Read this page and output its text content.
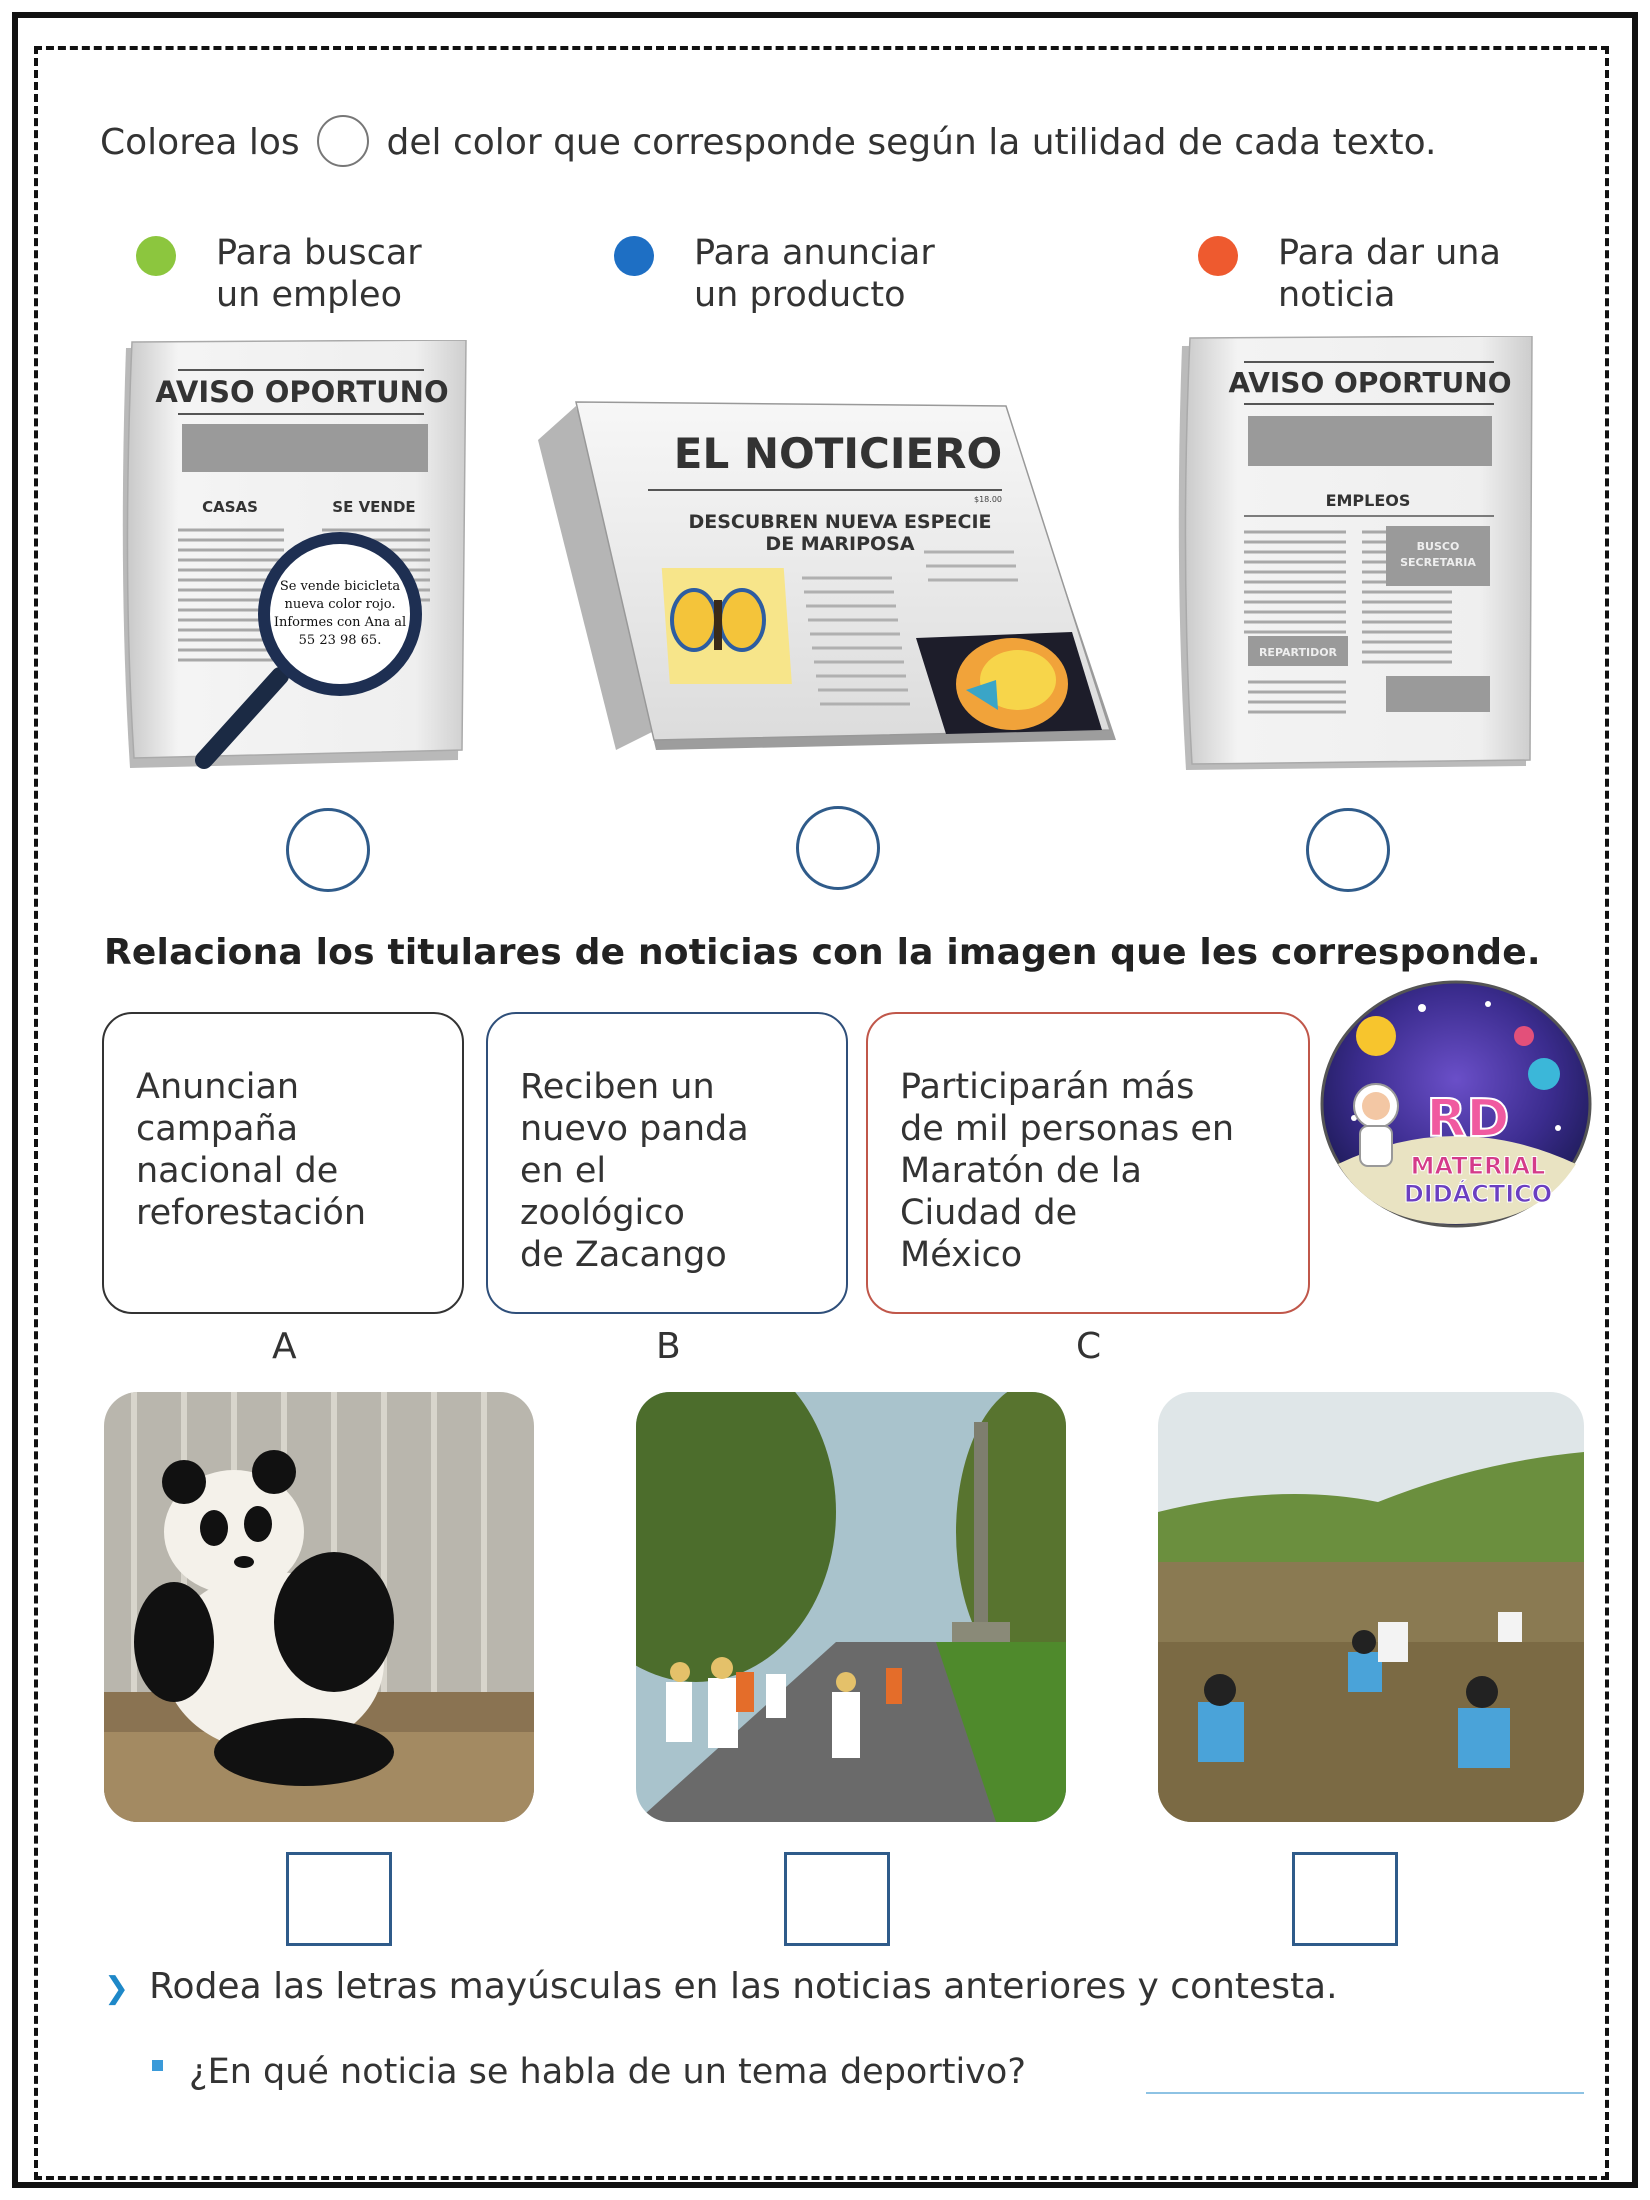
Colorea los del color que corresponde según la utilidad de cada texto.
Para buscar
un empleo
Para anunciar
un producto
Para dar una
noticia
AVISO OPORTUNO
CASAS	SE VENDE
Se vende bicicleta
nueva color rojo.
Informes con Ana al
55 23 98 65.
EL NOTICIERO
$18.00
DESCUBREN NUEVA ESPECIE
DE MARIPOSA
AVISO OPORTUNO
EMPLEOS
BUSCO
SECRETARIA
REPARTIDOR
Relaciona los titulares de noticias con la imagen que les corresponde.
Anuncian
campaña
nacional de
reforestación
Reciben un
nuevo panda
en el
zoológico
de Zacango
Participarán más
de mil personas en
Maratón de la
Ciudad de
México
A	B	C
RD
MATERIAL
DIDÁCTICO
❯ Rodea las letras mayúsculas en las noticias anteriores y contesta.
¿En qué noticia se habla de un tema deportivo?
